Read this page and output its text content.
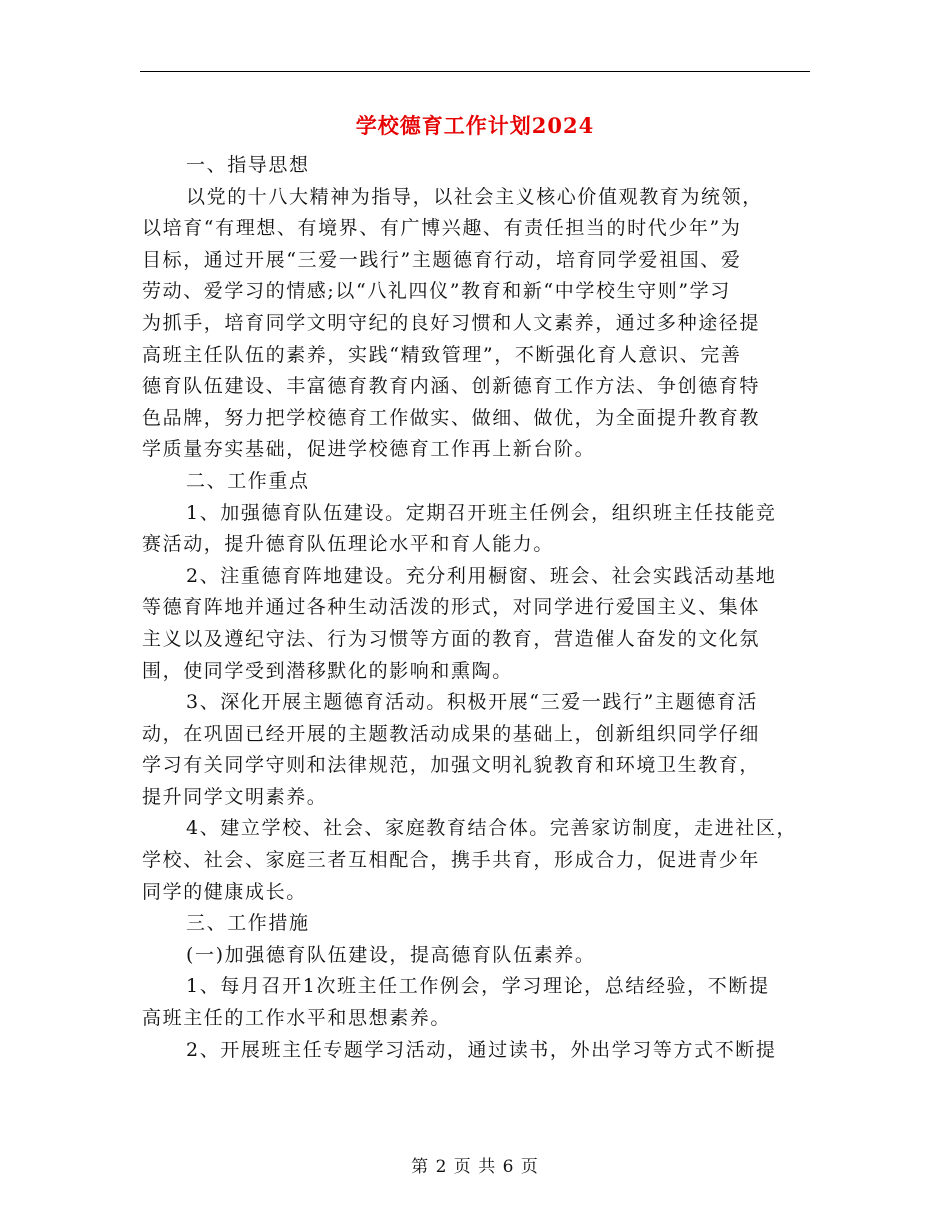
学校德育工作计划2024
一、指导思想
以党的十八大精神为指导，以社会主义核心价值观教育为统领，
以培育“有理想、有境界、有广博兴趣、有责任担当的时代少年”为
目标，通过开展“三爱一践行”主题德育行动，培育同学爱祖国、爱
劳动、爱学习的情感;以“八礼四仪”教育和新“中学校生守则”学习
为抓手，培育同学文明守纪的良好习惯和人文素养，通过多种途径提
高班主任队伍的素养，实践“精致管理”，不断强化育人意识、完善
德育队伍建设、丰富德育教育内涵、创新德育工作方法、争创德育特
色品牌，努力把学校德育工作做实、做细、做优，为全面提升教育教
学质量夯实基础，促进学校德育工作再上新台阶。
二、工作重点
1、加强德育队伍建设。定期召开班主任例会，组织班主任技能竞
赛活动，提升德育队伍理论水平和育人能力。
2、注重德育阵地建设。充分利用橱窗、班会、社会实践活动基地
等德育阵地并通过各种生动活泼的形式，对同学进行爱国主义、集体
主义以及遵纪守法、行为习惯等方面的教育，营造催人奋发的文化氛
围，使同学受到潜移默化的影响和熏陶。
3、深化开展主题德育活动。积极开展“三爱一践行”主题德育活
动，在巩固已经开展的主题教活动成果的基础上，创新组织同学仔细
学习有关同学守则和法律规范，加强文明礼貌教育和环境卫生教育，
提升同学文明素养。
4、建立学校、社会、家庭教育结合体。完善家访制度，走进社区，
学校、社会、家庭三者互相配合，携手共育，形成合力，促进青少年
同学的健康成长。
三、工作措施
(一)加强德育队伍建设，提高德育队伍素养。
1、每月召开1次班主任工作例会，学习理论，总结经验，不断提
高班主任的工作水平和思想素养。
2、开展班主任专题学习活动，通过读书，外出学习等方式不断提
第 2 页 共 6 页
